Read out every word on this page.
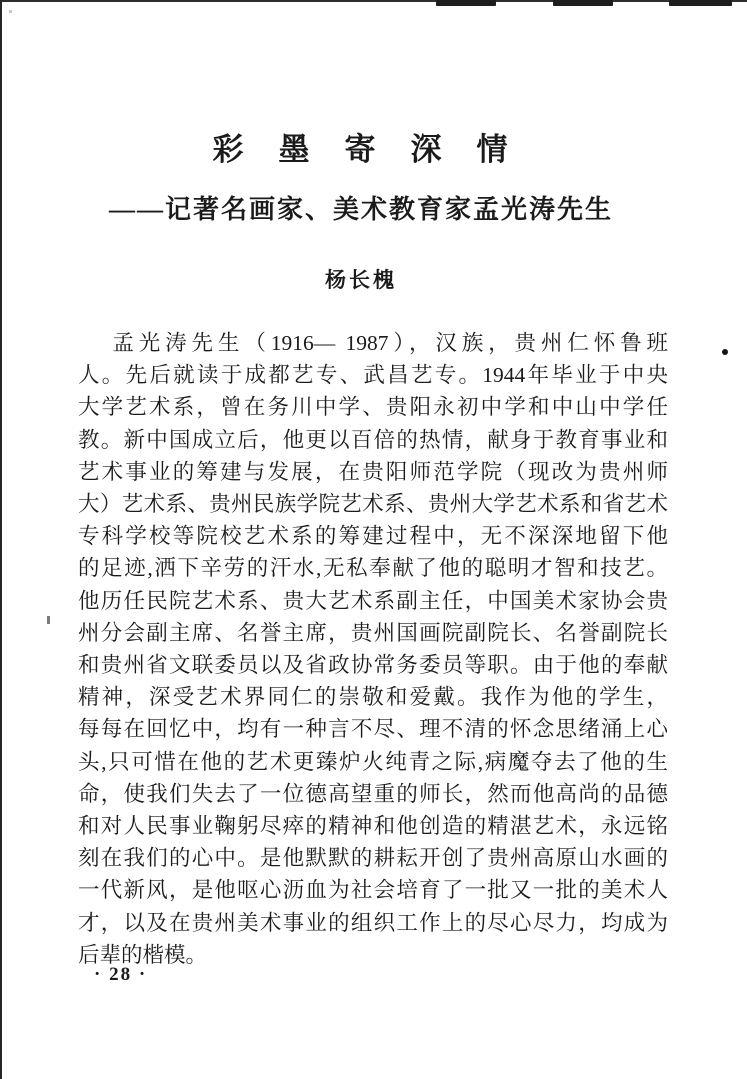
彩　墨　寄　深　情
——记著名画家、美术教育家孟光涛先生
杨长槐

孟光涛先生（1916— 1987），汉族，贵州仁怀鲁班

人。先后就读于成都艺专、武昌艺专。1944年毕业于中央

大学艺术系，曾在务川中学、贵阳永初中学和中山中学任

教。新中国成立后，他更以百倍的热情，献身于教育事业和

艺术事业的筹建与发展，在贵阳师范学院（现改为贵州师

大）艺术系、贵州民族学院艺术系、贵州大学艺术系和省艺术

专科学校等院校艺术系的筹建过程中，无不深深地留下他

的足迹,洒下辛劳的汗水,无私奉献了他的聪明才智和技艺。

他历任民院艺术系、贵大艺术系副主任，中国美术家协会贵

州分会副主席、名誉主席，贵州国画院副院长、名誉副院长

和贵州省文联委员以及省政协常务委员等职。由于他的奉献

精神，深受艺术界同仁的崇敬和爱戴。我作为他的学生，

每每在回忆中，均有一种言不尽、理不清的怀念思绪涌上心

头,只可惜在他的艺术更臻炉火纯青之际,病魔夺去了他的生

命，使我们失去了一位德高望重的师长，然而他高尚的品德

和对人民事业鞠躬尽瘁的精神和他创造的精湛艺术，永远铭

刻在我们的心中。是他默默的耕耘开创了贵州高原山水画的

一代新风，是他呕心沥血为社会培育了一批又一批的美术人

才，以及在贵州美术事业的组织工作上的尽心尽力，均成为

后辈的楷模。

· 28 ·
